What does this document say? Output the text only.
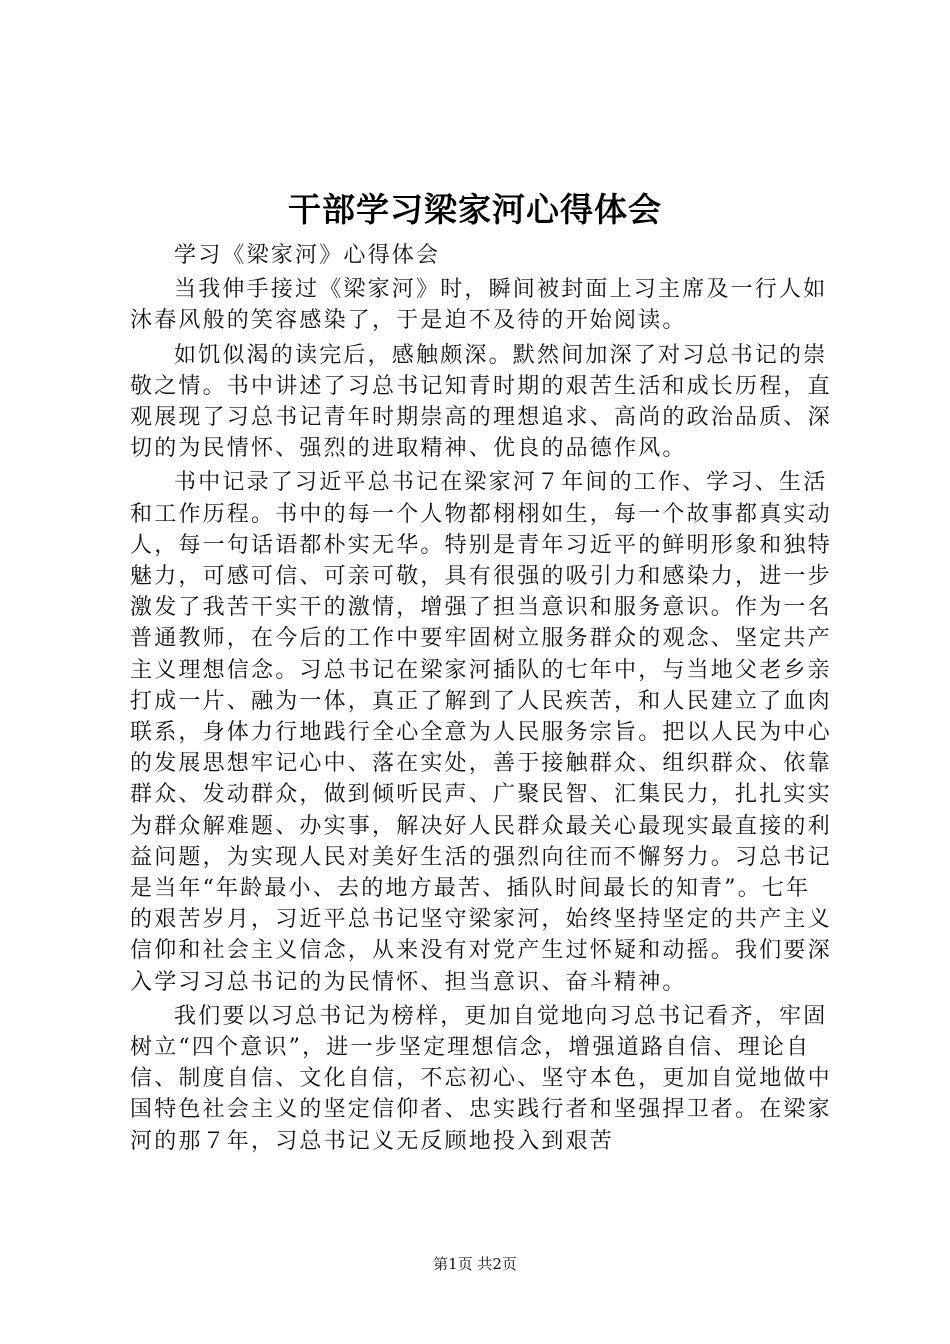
干部学习梁家河心得体会

学习《梁家河》心得体会

当我伸手接过《梁家河》时，瞬间被封面上习主席及一行人如沐春风般的笑容感染了，于是迫不及待的开始阅读。

如饥似渴的读完后，感触颇深。默然间加深了对习总书记的崇敬之情。书中讲述了习总书记知青时期的艰苦生活和成长历程，直观展现了习总书记青年时期崇高的理想追求、高尚的政治品质、深切的为民情怀、强烈的进取精神、优良的品德作风。

书中记录了习近平总书记在梁家河７年间的工作、学习、生活和工作历程。书中的每一个人物都栩栩如生，每一个故事都真实动人，每一句话语都朴实无华。特别是青年习近平的鲜明形象和独特魅力，可感可信、可亲可敬，具有很强的吸引力和感染力，进一步激发了我苦干实干的激情，增强了担当意识和服务意识。作为一名普通教师，在今后的工作中要牢固树立服务群众的观念、坚定共产主义理想信念。习总书记在梁家河插队的七年中，与当地父老乡亲打成一片、融为一体，真正了解到了人民疾苦，和人民建立了血肉联系，身体力行地践行全心全意为人民服务宗旨。把以人民为中心的发展思想牢记心中、落在实处，善于接触群众、组织群众、依靠群众、发动群众，做到倾听民声、广聚民智、汇集民力，扎扎实实为群众解难题、办实事，解决好人民群众最关心最现实最直接的利益问题，为实现人民对美好生活的强烈向往而不懈努力。习总书记是当年“年龄最小、去的地方最苦、插队时间最长的知青”。七年的艰苦岁月，习近平总书记坚守梁家河，始终坚持坚定的共产主义信仰和社会主义信念，从来没有对党产生过怀疑和动摇。我们要深入学习习总书记的为民情怀、担当意识、奋斗精神。

我们要以习总书记为榜样，更加自觉地向习总书记看齐，牢固树立“四个意识”，进一步坚定理想信念，增强道路自信、理论自信、制度自信、文化自信，不忘初心、坚守本色，更加自觉地做中国特色社会主义的坚定信仰者、忠实践行者和坚强捍卫者。在梁家河的那７年，习总书记义无反顾地投入到艰苦

第1页 共2页
